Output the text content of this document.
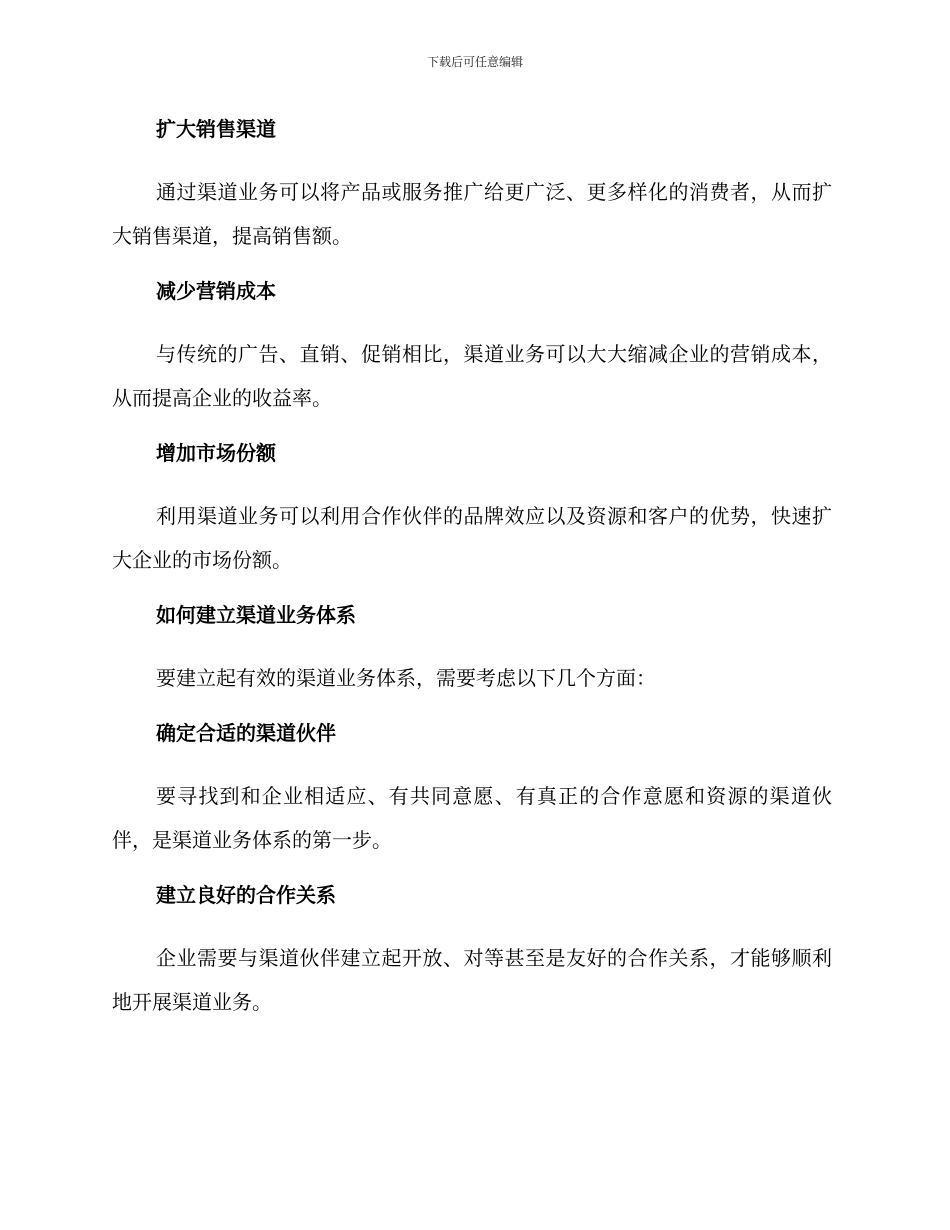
下载后可任意编辑
扩大销售渠道

通过渠道业务可以将产品或服务推广给更广泛、更多样化的消费者，从而扩大销售渠道，提高销售额。

减少营销成本

与传统的广告、直销、促销相比，渠道业务可以大大缩减企业的营销成本，从而提高企业的收益率。

增加市场份额

利用渠道业务可以利用合作伙伴的品牌效应以及资源和客户的优势，快速扩大企业的市场份额。

如何建立渠道业务体系

要建立起有效的渠道业务体系，需要考虑以下几个方面：

确定合适的渠道伙伴

要寻找到和企业相适应、有共同意愿、有真正的合作意愿和资源的渠道伙伴，是渠道业务体系的第一步。

建立良好的合作关系

企业需要与渠道伙伴建立起开放、对等甚至是友好的合作关系，才能够顺利地开展渠道业务。
